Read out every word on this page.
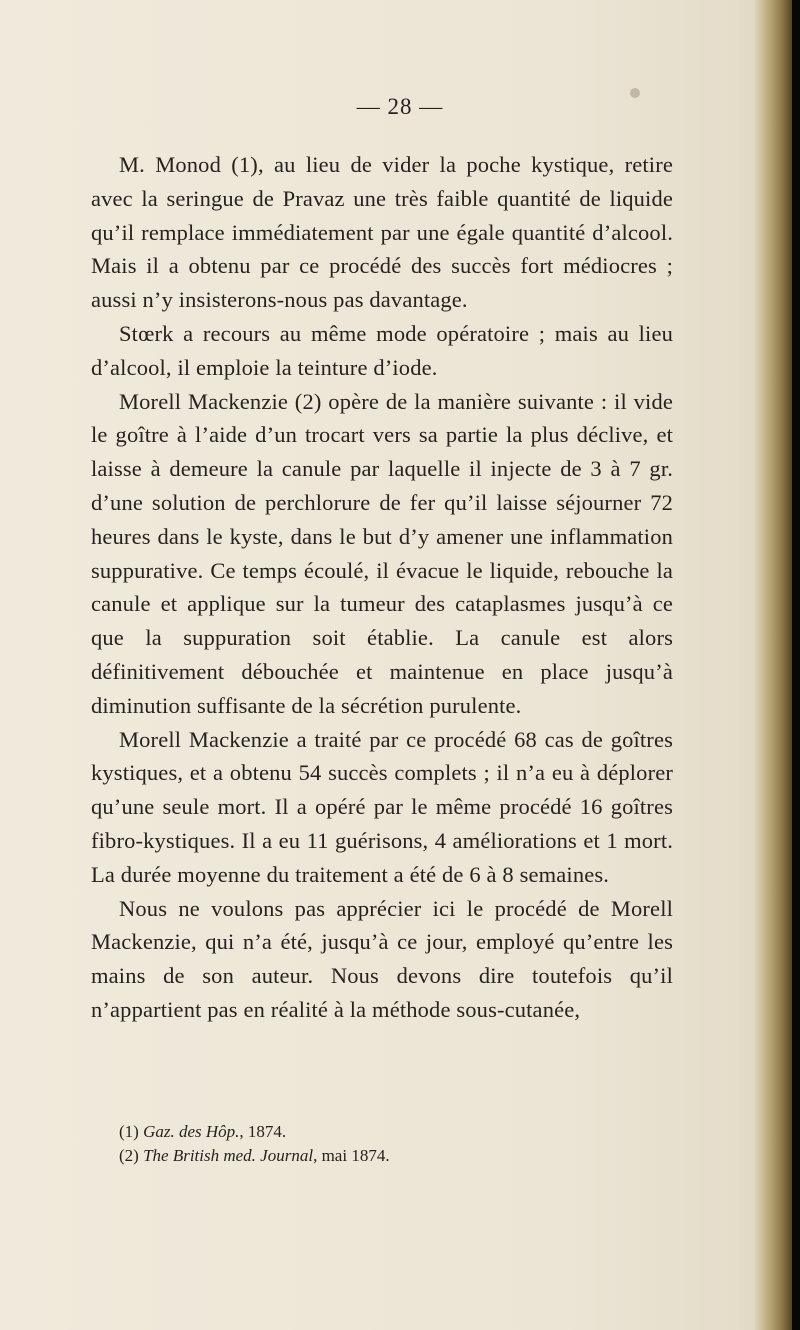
— 28 —

M. Monod (1), au lieu de vider la poche kystique, retire avec la seringue de Pravaz une très faible quantité de liquide qu’il remplace immédiatement par une égale quantité d’alcool. Mais il a obtenu par ce procédé des succès fort médiocres ; aussi n’y insisterons-nous pas davantage.

Stœrk a recours au même mode opératoire ; mais au lieu d’alcool, il emploie la teinture d’iode.

Morell Mackenzie (2) opère de la manière suivante : il vide le goître à l’aide d’un trocart vers sa partie la plus déclive, et laisse à demeure la canule par laquelle il injecte de 3 à 7 gr. d’une solution de perchlorure de fer qu’il laisse séjourner 72 heures dans le kyste, dans le but d’y amener une inflammation suppurative. Ce temps écoulé, il évacue le liquide, rebouche la canule et applique sur la tumeur des cataplasmes jusqu’à ce que la suppuration soit établie. La canule est alors définitivement débouchée et maintenue en place jusqu’à diminution suffisante de la sécrétion purulente.

Morell Mackenzie a traité par ce procédé 68 cas de goîtres kystiques, et a obtenu 54 succès complets ; il n’a eu à déplorer qu’une seule mort. Il a opéré par le même procédé 16 goîtres fibro-kystiques. Il a eu 11 guérisons, 4 améliorations et 1 mort. La durée moyenne du traitement a été de 6 à 8 semaines.

Nous ne voulons pas apprécier ici le procédé de Morell Mackenzie, qui n’a été, jusqu’à ce jour, employé qu’entre les mains de son auteur. Nous devons dire toutefois qu’il n’appartient pas en réalité à la méthode sous-cutanée,

(1) Gaz. des Hôp., 1874.

(2) The British med. Journal, mai 1874.
